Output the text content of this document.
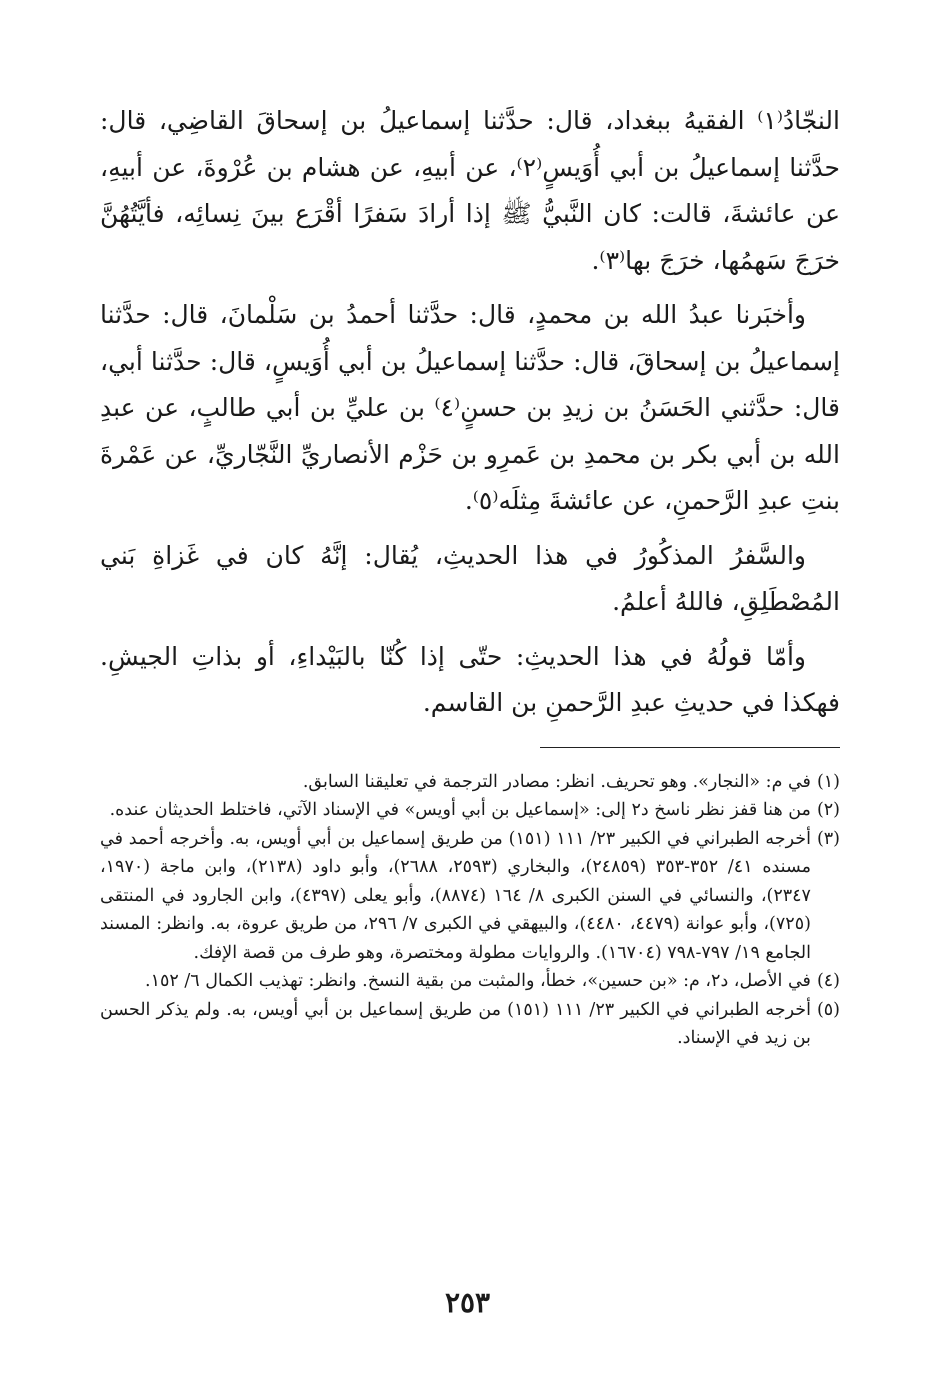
النجّادُ⁽١⁾ الفقيهُ ببغداد، قال: حدَّثنا إسماعيلُ بن إسحاقَ القاضِي، قال: حدَّثنا إسماعيلُ بن أبي أُوَيسٍ⁽٢⁾، عن أبيهِ، عن هشام بن عُرْوةَ، عن أبيهِ، عن عائشةَ، قالت: كان النَّبيُّ ﷺ إذا أرادَ سَفرًا أقْرَع بينَ نِسائِه، فأيَّتُهُنَّ خرَجَ سَهمُها، خرَجَ بها⁽٣⁾.

وأخبَرنا عبدُ الله بن محمدٍ، قال: حدَّثنا أحمدُ بن سَلْمانَ، قال: حدَّثنا إسماعيلُ بن إسحاقَ، قال: حدَّثنا إسماعيلُ بن أبي أُوَيسٍ، قال: حدَّثنا أبي، قال: حدَّثني الحَسَنُ بن زيدِ بن حسنٍ⁽٤⁾ بن عليِّ بن أبي طالبٍ، عن عبدِ الله بن أبي بكر بن محمدِ بن عَمرِو بن حَزْم الأنصاريِّ النَّجّاريِّ، عن عَمْرةَ بنتِ عبدِ الرَّحمنِ، عن عائشةَ مِثلَه⁽٥⁾.

والسَّفرُ المذكُورُ في هذا الحديثِ، يُقال: إنَّهُ كان في غَزاةِ بَني المُصْطَلِقِ، فاللهُ أعلمُ.

وأمّا قولُهُ في هذا الحديثِ: حتّى إذا كُنّا بالبَيْداءِ، أو بذاتِ الجيشِ. فهكذا في حديثِ عبدِ الرَّحمنِ بن القاسم.

(١)
في م: «النجار». وهو تحريف. انظر: مصادر الترجمة في تعليقنا السابق.
(٢)
من هنا قفز نظر ناسخ د٢ إلى: «إسماعيل بن أبي أويس» في الإسناد الآتي، فاختلط الحديثان عنده.
(٣)
أخرجه الطبراني في الكبير ٢٣/ ١١١ (١٥١) من طريق إسماعيل بن أبي أويس، به. وأخرجه أحمد في مسنده ٤١/ ٣٥٢-٣٥٣ (٢٤٨٥٩)، والبخاري (٢٥٩٣، ٢٦٨٨)، وأبو داود (٢١٣٨)، وابن ماجة (١٩٧٠، ٢٣٤٧)، والنسائي في السنن الكبرى ٨/ ١٦٤ (٨٨٧٤)، وأبو يعلى (٤٣٩٧)، وابن الجارود في المنتقى (٧٢٥)، وأبو عوانة (٤٤٧٩، ٤٤٨٠)، والبيهقي في الكبرى ٧/ ٢٩٦، من طريق عروة، به. وانظر: المسند الجامع ١٩/ ٧٩٧-٧٩٨ (١٦٧٠٤). والروايات مطولة ومختصرة، وهو طرف من قصة الإفك.
(٤)
في الأصل، د٢، م: «بن حسين»، خطأ، والمثبت من بقية النسخ. وانظر: تهذيب الكمال ٦/ ١٥٢.
(٥)
أخرجه الطبراني في الكبير ٢٣/ ١١١ (١٥١) من طريق إسماعيل بن أبي أويس، به. ولم يذكر الحسن بن زيد في الإسناد.
٢٥٣
